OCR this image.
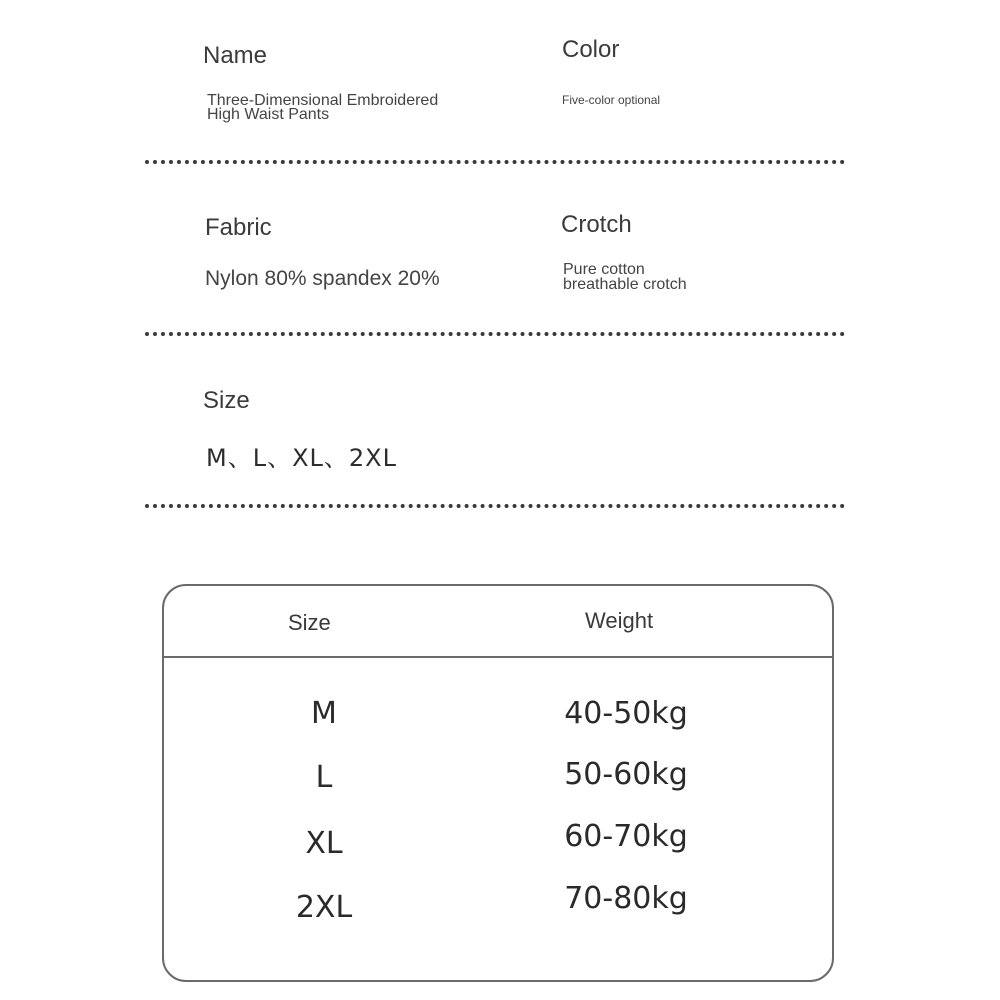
Name
Three-Dimensional Embroidered
High Waist Pants
Color
Five-color optional
Fabric
Nylon 80% spandex 20%
Crotch
Pure cotton
breathable crotch
Size
M、L、XL、2XL
Size	Weight
M	40-50kg
L	50-60kg
XL	60-70kg
2XL	70-80kg
